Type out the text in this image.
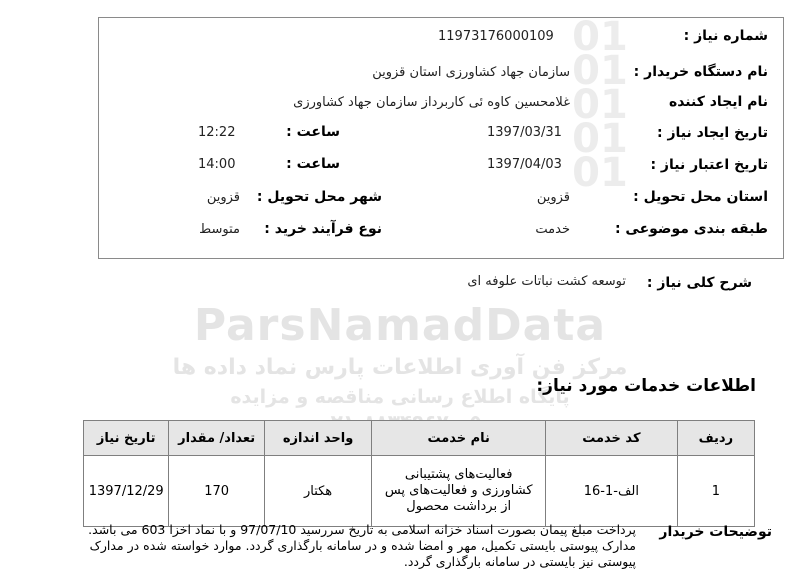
0101010101
ParsNamadData
مرکز فن آوری اطلاعات پارس نماد داده ها
پایگاه اطلاع رسانی مناقصه و مزایده
شماره نیاز :
11973176000109
نام دستگاه خریدار :
سازمان جهاد کشاورزی استان قزوین
نام ایجاد کننده
غلامحسین کاوه ئی کاربرداز سازمان جهاد کشاورزی
تاریخ ایجاد نیاز :
1397/03/31
ساعت :
12:22
تاریخ اعتبار نیاز :
1397/04/03
ساعت :
14:00
استان محل تحویل :
قزوین
شهر محل تحویل :
قزوین
طبقه بندی موضوعی :
خدمت
نوع فرآیند خرید :
متوسط
شرح کلی نیاز :
توسعه کشت نباتات علوفه ای
اطلاعات خدمات مورد نیاز:
ردیف	کد خدمت	نام خدمت	واحد اندازه	تعداد/ مقدار	تاریخ نیاز
1	الف-1-16	فعالیت‌های پشتیبانی کشاورزی و فعالیت‌های پس از برداشت محصول	هکتار	170	1397/12/29
توضیحات خریدار
پرداخت مبلغ پیمان بصورت اسناد خزانه اسلامی به تاریخ سررسید 97/07/10 و با نماد اخزا 603 می باشد. مدارک پیوستی بایستی تکمیل، مهر و امضا شده و در سامانه بارگذاری گردد. موارد خواسته شده در مدارک پیوستی نیز بایستی در سامانه بارگذاری گردد.
